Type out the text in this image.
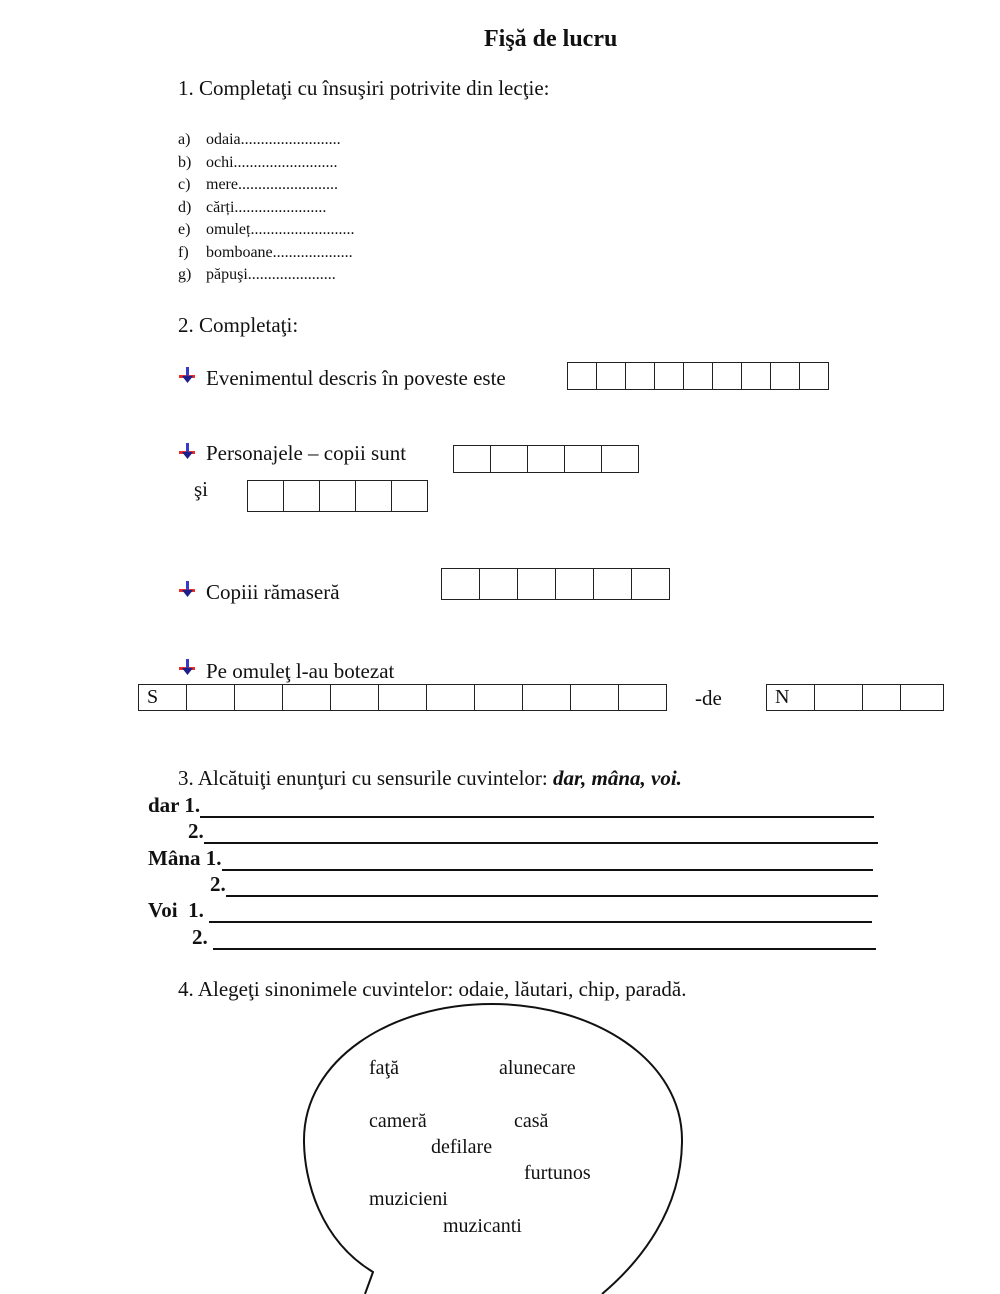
Fişă de lucru
1. Completaţi cu însuşiri potrivite din lecţie:
a) odaia.........................
b) ochi..........................
c) mere.........................
d) cărți.......................
e) omuleț..........................
f) bomboane....................
g) păpuşi......................
2. Completaţi:
Evenimentul descris în poveste este
Personajele – copii sunt
şi
Copiii rămaseră
Pe omuleţ l-au botezat
S	-de	N
3. Alcătuiţi enunţuri cu sensurile cuvintelor: dar, mâna, voi.
dar 1.
2.
Mâna 1.
2.
Voi  1.
2.
4. Alegeţi sinonimele cuvintelor: odaie, lăutari, chip, paradă.
faţă	alunecare
cameră	casă
defilare
furtunos
muzicieni
muzicanti
